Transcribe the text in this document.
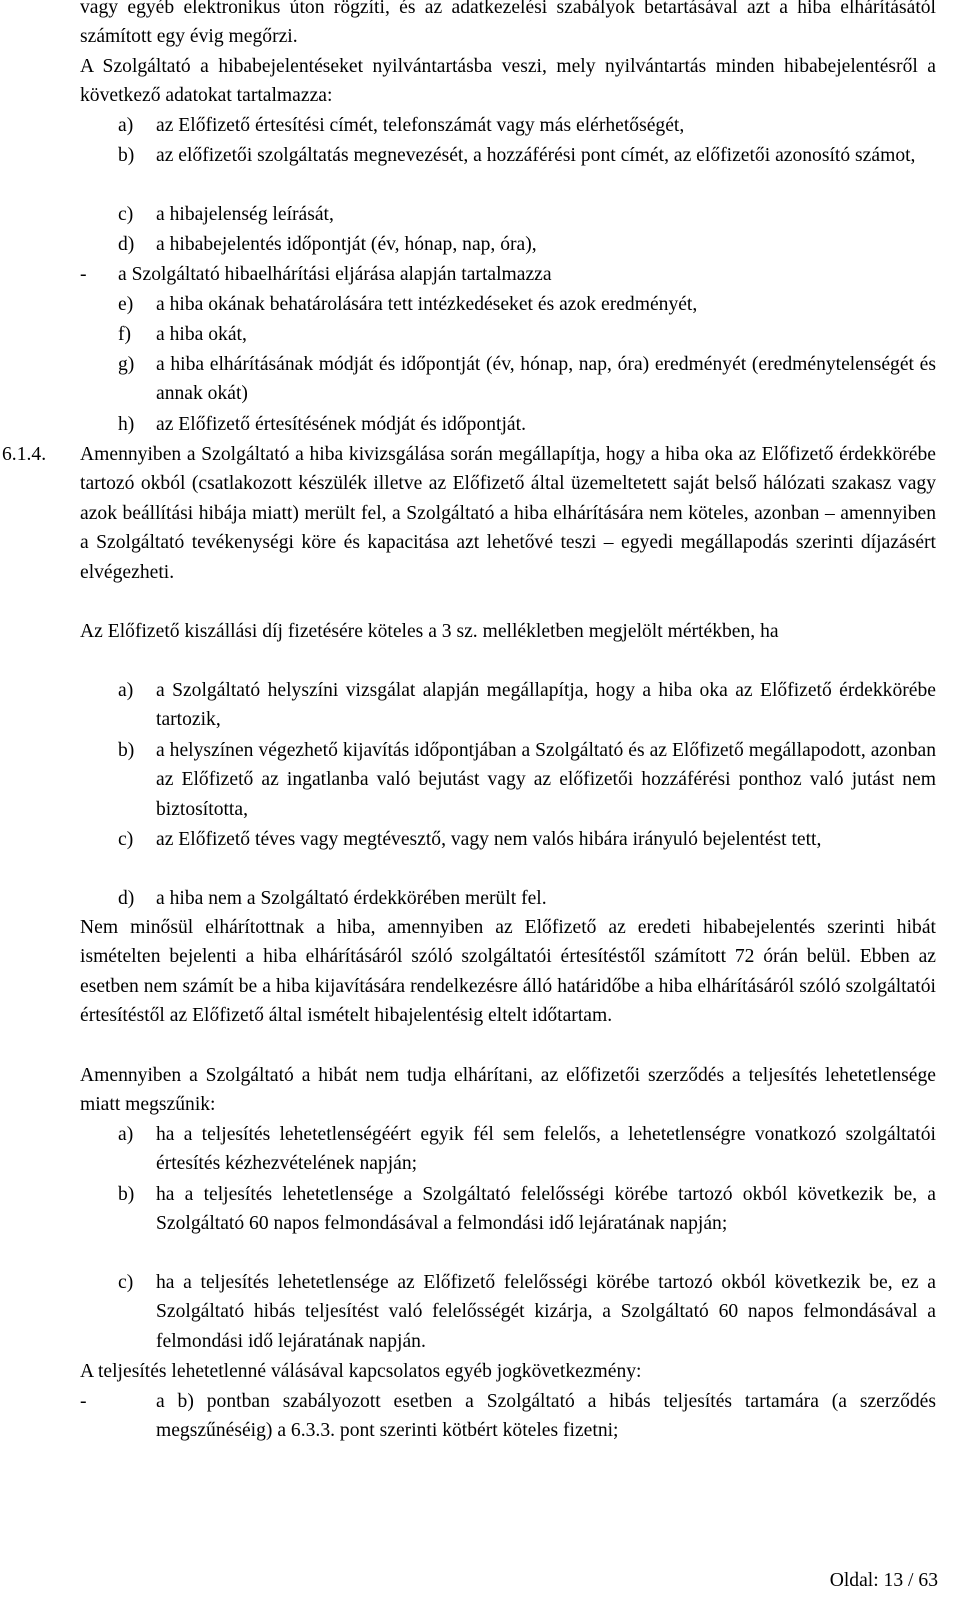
vagy egyéb elektronikus úton rögzíti, és az adatkezelési szabályok betartásával azt a hiba elhárításától számított egy évig megőrzi.
A Szolgáltató a hibabejelentéseket nyilvántartásba veszi, mely nyilvántartás minden hibabejelentésről a következő adatokat tartalmazza:
a)	az Előfizető értesítési címét, telefonszámát vagy más elérhetőségét,
b)	az előfizetői szolgáltatás megnevezését, a hozzáférési pont címét, az előfizetői azonosító számot,
c)	a hibajelenség leírását,
d)	a hibabejelentés időpontját (év, hónap, nap, óra),
-	a Szolgáltató hibaelhárítási eljárása alapján tartalmazza
e)	a hiba okának behatárolására tett intézkedéseket és azok eredményét,
f)	a hiba okát,
g)	a hiba elhárításának módját és időpontját (év, hónap, nap, óra) eredményét (eredménytelenségét és annak okát)
h)	az Előfizető értesítésének módját és időpontját.
6.1.4. Amennyiben a Szolgáltató a hiba kivizsgálása során megállapítja, hogy a hiba oka az Előfizető érdekkörébe tartozó okból (csatlakozott készülék illetve az Előfizető által üzemeltetett saját belső hálózati szakasz vagy azok beállítási hibája miatt) merült fel, a Szolgáltató a hiba elhárítására nem köteles, azonban – amennyiben a Szolgáltató tevékenységi köre és kapacitása azt lehetővé teszi – egyedi megállapodás szerinti díjazásért elvégezheti.
Az Előfizető kiszállási díj fizetésére köteles a 3 sz. mellékletben megjelölt mértékben, ha
a)	a Szolgáltató helyszíni vizsgálat alapján megállapítja, hogy a hiba oka az Előfizető érdekkörébe tartozik,
b)	a helyszínen végezhető kijavítás időpontjában a Szolgáltató és az Előfizető megállapodott, azonban az Előfizető az ingatlanba való bejutást vagy az előfizetői hozzáférési ponthoz való jutást nem biztosította,
c)	az Előfizető téves vagy megtévesztő, vagy nem valós hibára irányuló bejelentést tett,
d)	a hiba nem a Szolgáltató érdekkörében merült fel.
Nem minősül elhárítottnak a hiba, amennyiben az Előfizető az eredeti hibabejelentés szerinti hibát ismételten bejelenti a hiba elhárításáról szóló szolgáltatói értesítéstől számított 72 órán belül. Ebben az esetben nem számít be a hiba kijavítására rendelkezésre álló határidőbe a hiba elhárításáról szóló szolgáltatói értesítéstől az Előfizető által ismételt hibajelentésig eltelt időtartam.
Amennyiben a Szolgáltató a hibát nem tudja elhárítani, az előfizetői szerződés a teljesítés lehetetlensége miatt megszűnik:
a)	ha a teljesítés lehetetlenségéért egyik fél sem felelős, a lehetetlenségre vonatkozó szolgáltatói értesítés kézhezvételének napján;
b)	ha a teljesítés lehetetlensége a Szolgáltató felelősségi körébe tartozó okból következik be, a Szolgáltató 60 napos felmondásával a felmondási idő lejáratának napján;
c)	ha a teljesítés lehetetlensége az Előfizető felelősségi körébe tartozó okból következik be, ez a Szolgáltató hibás teljesítést való felelősségét kizárja, a Szolgáltató 60 napos felmondásával a felmondási idő lejáratának napján.
A teljesítés lehetetlenné válásával kapcsolatos egyéb jogkövetkezmény:
-	a b) pontban szabályozott esetben a Szolgáltató a hibás teljesítés tartamára (a szerződés megszűnéséig) a 6.3.3. pont szerinti kötbért köteles fizetni;
Oldal: 13 / 63
